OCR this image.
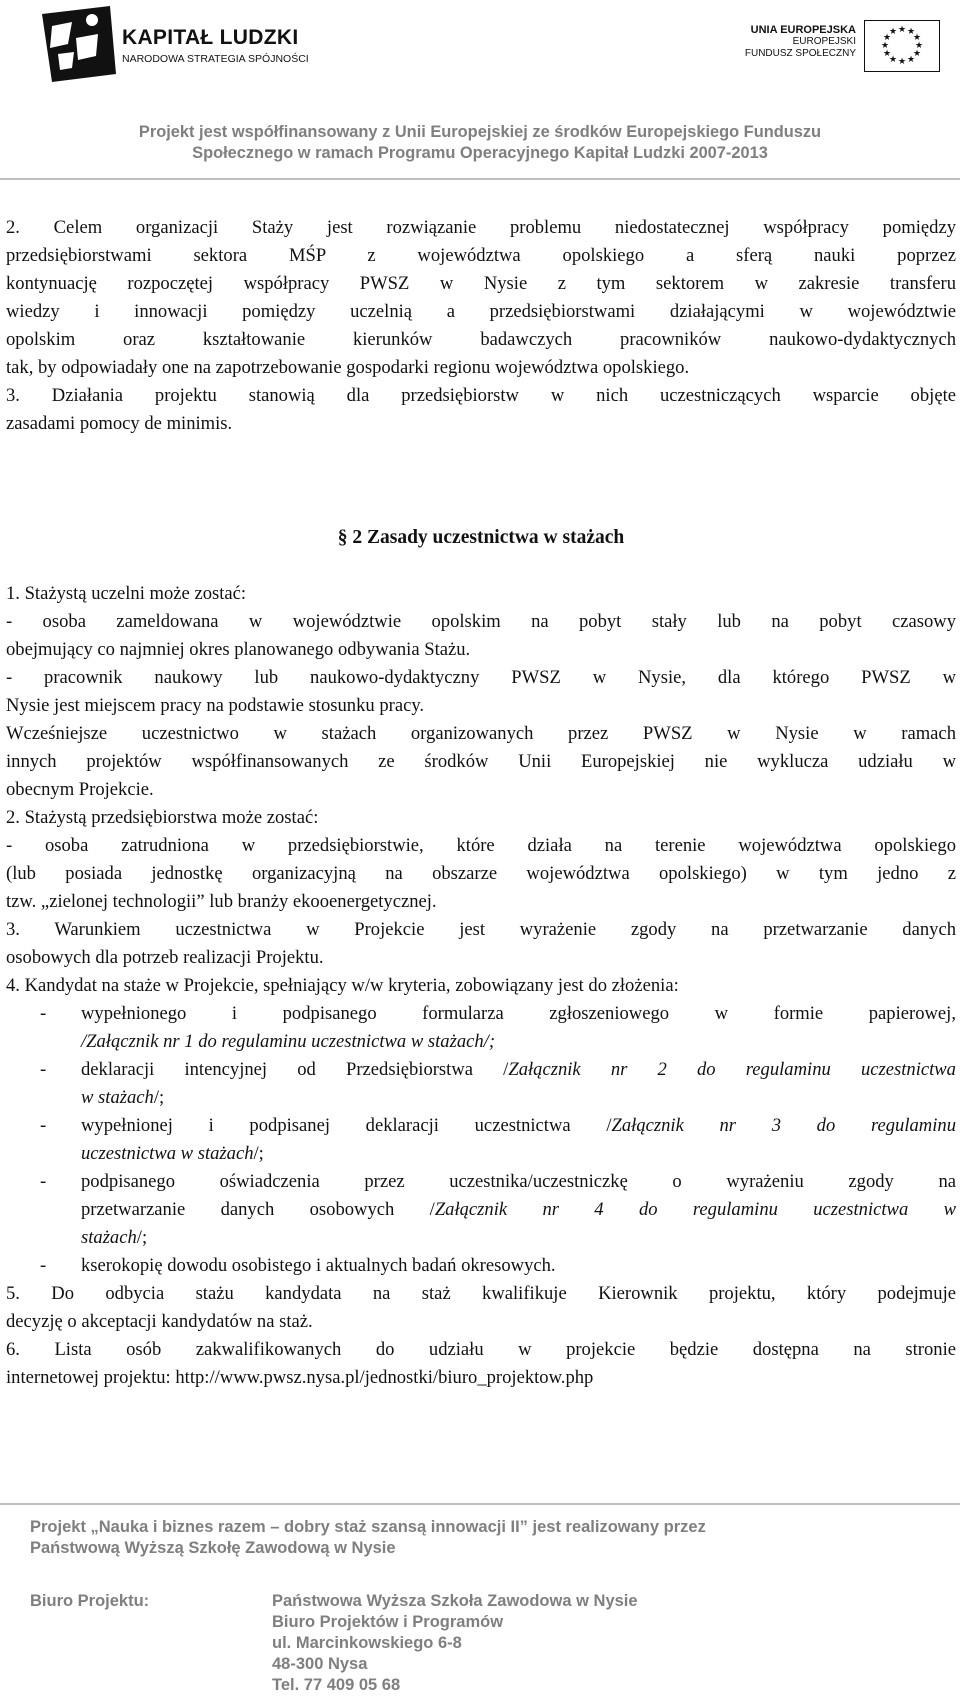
KAPITAŁ LUDZKI
NARODOWA STRATEGIA SPÓJNOŚCI
UNIA EUROPEJSKA
EUROPEJSKI
FUNDUSZ SPOŁECZNY
★ ★
★
★
★
★
★
★
★
★
★
★
Projekt jest współfinansowany z Unii Europejskiej ze środków Europejskiego Funduszu
Społecznego w ramach Programu Operacyjnego Kapitał Ludzki 2007-2013
2. Celem organizacji Staży jest rozwiązanie problemu niedostatecznej współpracy pomiędzy
przedsiębiorstwami sektora MŚP z województwa opolskiego a sferą nauki poprzez
kontynuację rozpoczętej współpracy PWSZ w Nysie z tym sektorem w zakresie transferu
wiedzy i innowacji pomiędzy uczelnią a przedsiębiorstwami działającymi w województwie
opolskim oraz kształtowanie kierunków badawczych pracowników naukowo-dydaktycznych
tak, by odpowiadały one na zapotrzebowanie gospodarki regionu województwa opolskiego.
3. Działania projektu stanowią dla przedsiębiorstw w nich uczestniczących wsparcie objęte
zasadami pomocy de minimis.
§ 2 Zasady uczestnictwa w stażach
1. Stażystą uczelni może zostać:
- osoba zameldowana w województwie opolskim na pobyt stały lub na pobyt czasowy
obejmujący co najmniej okres planowanego odbywania Stażu.
- pracownik naukowy lub naukowo-dydaktyczny PWSZ w Nysie, dla którego PWSZ w
Nysie jest miejscem pracy na podstawie stosunku pracy.
Wcześniejsze uczestnictwo w stażach organizowanych przez PWSZ w Nysie w ramach
innych projektów współfinansowanych ze środków Unii Europejskiej nie wyklucza udziału w
obecnym Projekcie.
2. Stażystą przedsiębiorstwa może zostać:
- osoba zatrudniona w przedsiębiorstwie, które działa na terenie województwa opolskiego
(lub posiada jednostkę organizacyjną na obszarze województwa opolskiego) w tym jedno z
tzw. „zielonej technologii” lub branży ekooenergetycznej.
3. Warunkiem uczestnictwa w Projekcie jest wyrażenie zgody na przetwarzanie danych
osobowych dla potrzeb realizacji Projektu.
4. Kandydat na staże w Projekcie, spełniający w/w kryteria, zobowiązany jest do złożenia:
- wypełnionego i podpisanego formularza zgłoszeniowego w formie papierowej,
/Załącznik nr 1 do regulaminu uczestnictwa w stażach/;
- deklaracji intencyjnej od Przedsiębiorstwa /Załącznik nr 2 do regulaminu uczestnictwa
w stażach/;
- wypełnionej i podpisanej deklaracji uczestnictwa /Załącznik nr 3 do regulaminu
uczestnictwa w stażach/;
- podpisanego oświadczenia przez uczestnika/uczestniczkę o wyrażeniu zgody na
przetwarzanie danych osobowych /Załącznik nr 4 do regulaminu uczestnictwa w
stażach/;
- kserokopię dowodu osobistego i aktualnych badań okresowych.
5. Do odbycia stażu kandydata na staż kwalifikuje Kierownik projektu, który podejmuje
decyzję o akceptacji kandydatów na staż.
6. Lista osób zakwalifikowanych do udziału w projekcie będzie dostępna na stronie
internetowej projektu: http://www.pwsz.nysa.pl/jednostki/biuro_projektow.php
Projekt „Nauka i biznes razem – dobry staż szansą innowacji II” jest realizowany przez
Państwową Wyższą Szkołę Zawodową w Nysie
Biuro Projektu:	Państwowa Wyższa Szkoła Zawodowa w Nysie
Biuro Projektów i Programów
ul. Marcinkowskiego 6-8
48-300 Nysa
Tel. 77 409 05 68
